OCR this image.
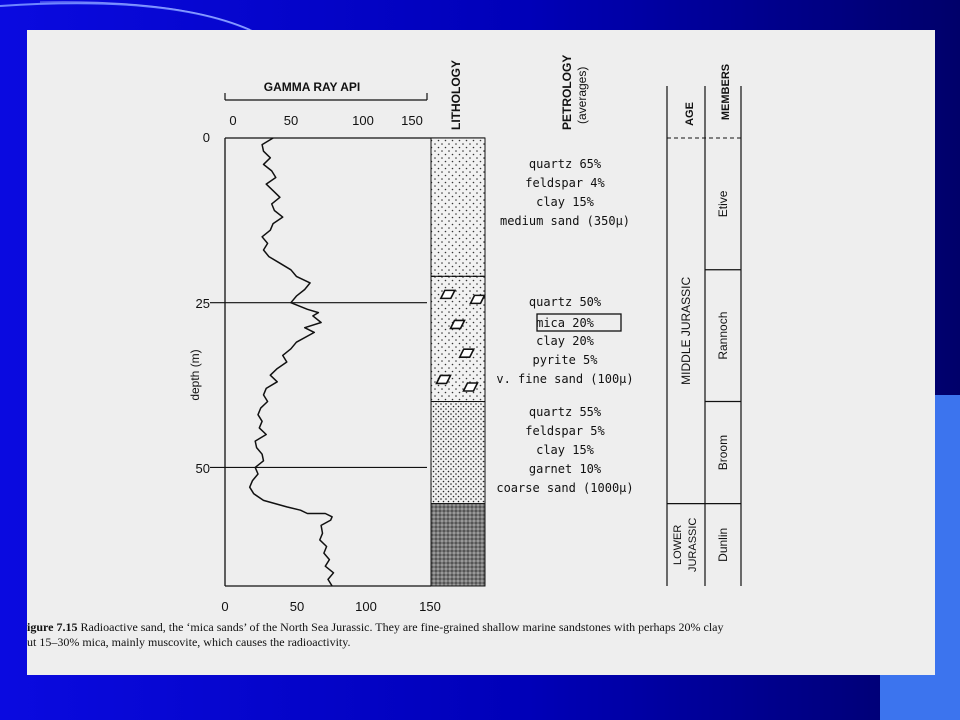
GAMMA RAY API
0	50	100 150
0
25
50
depth (m)
0	50	100	150
LITHOLOGY	PETROLOGY (averages)
quartz 65%
feldspar 4%
clay 15%
medium sand (350μ)
quartz 50%
mica 20%
clay 20%
pyrite 5%
v. fine sand (100μ)
quartz 55%
feldspar 5%
clay 15%
garnet 10%
coarse sand (1000μ)
MIDDLE JURASSIC
LOWER JURASSIC
Etive
Rannoch
Broom
Dunlin
AGE MEMBERS
igure 7.15 Radioactive sand, the ‘mica sands’ of the North Sea Jurassic. They are fine-grained shallow marine sandstones with perhaps 20% clay
ut 15–30% mica, mainly muscovite, which causes the radioactivity.
